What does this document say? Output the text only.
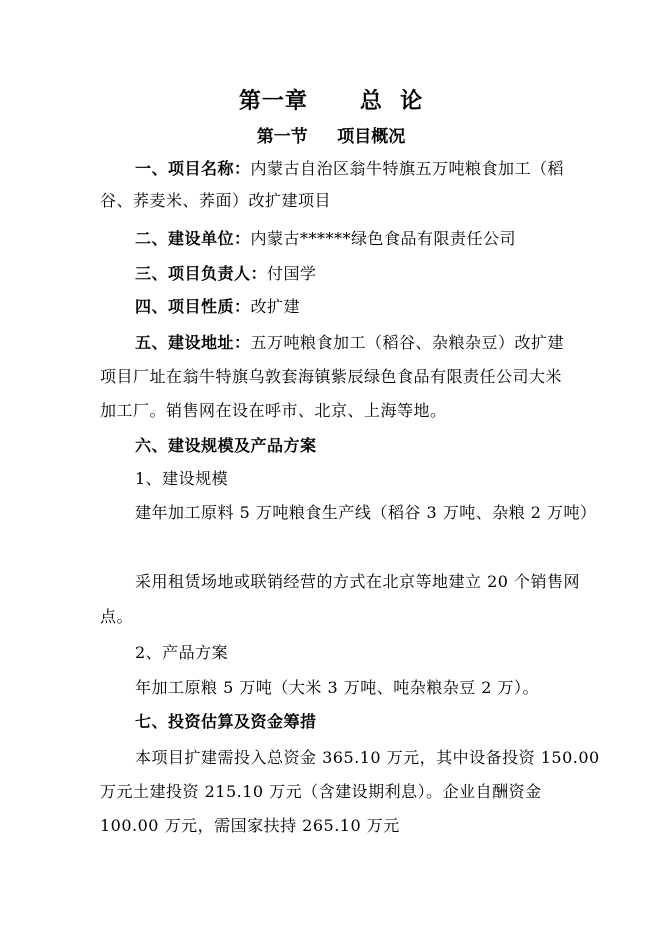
第一章      总  论
第一节     项目概况
一、项目名称：内蒙古自治区翁牛特旗五万吨粮食加工（稻
谷、荞麦米、荞面）改扩建项目
二、建设单位：内蒙古******绿色食品有限责任公司
三、项目负责人：付国学
四、项目性质：改扩建
五、建设地址：五万吨粮食加工（稻谷、杂粮杂豆）改扩建
项目厂址在翁牛特旗乌敦套海镇紫辰绿色食品有限责任公司大米
加工厂。销售网在设在呼市、北京、上海等地。
六、建设规模及产品方案
1、建设规模
建年加工原料 5 万吨粮食生产线（稻谷 3 万吨、杂粮 2 万吨）
采用租赁场地或联销经营的方式在北京等地建立 20 个销售网
点。
2、产品方案
年加工原粮 5 万吨（大米 3 万吨、吨杂粮杂豆 2 万）。
七、投资估算及资金筹措
本项目扩建需投入总资金 365.10 万元，其中设备投资 150.00
万元土建投资 215.10 万元（含建设期利息）。企业自酬资金
100.00 万元，需国家扶持 265.10 万元
